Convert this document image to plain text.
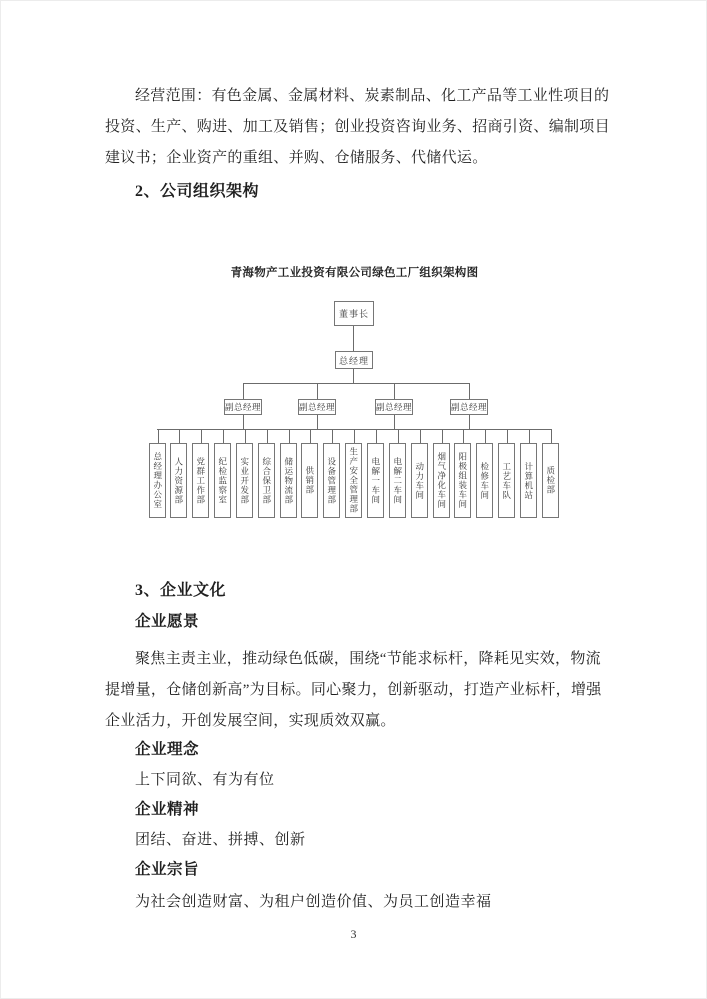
经营范围：有色金属、金属材料、炭素制品、化工产品等工业性项目的
投资、生产、购进、加工及销售；创业投资咨询业务、招商引资、编制项目
建议书；企业资产的重组、并购、仓储服务、代储代运。
2、公司组织架构
青海物产工业投资有限公司绿色工厂组织架构图
董事长
总经理
副总经理	副总经理	副总经理	副总经理
总经理办公室 人力资源部 党群工作部 纪检监察室 实业开发部 综合保卫部 储运物流部 供销部 设备管理部 生产安全管理部 电解一车间 电解二车间 动力车间 烟气净化车间 阳极组装车间 检修车间 工艺车队 计算机站 质检部
3、企业文化
企业愿景
聚焦主责主业，推动绿色低碳，围绕“节能求标杆，降耗见实效，物流
提增量，仓储创新高”为目标。同心聚力，创新驱动，打造产业标杆，增强
企业活力，开创发展空间，实现质效双赢。
企业理念
上下同欲、有为有位
企业精神
团结、奋进、拼搏、创新
企业宗旨
为社会创造财富、为租户创造价值、为员工创造幸福
3
